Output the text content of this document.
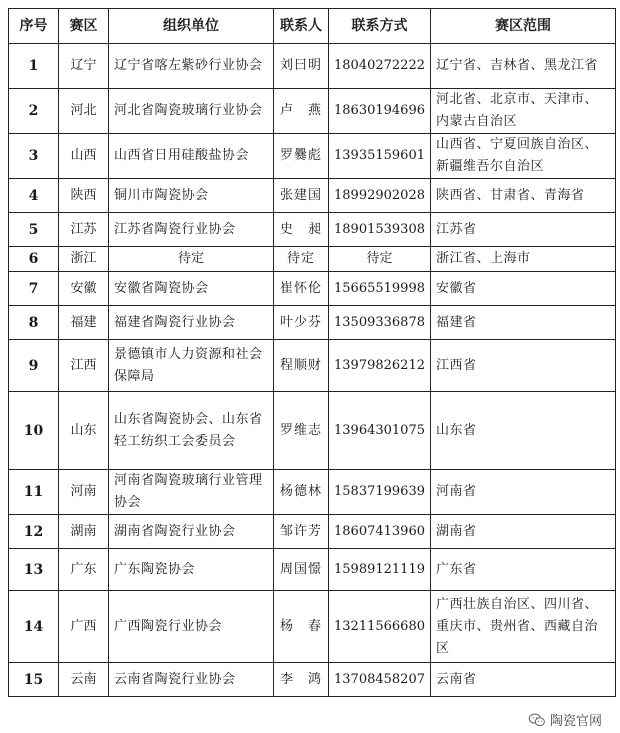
序号	赛区	组织单位	联系人	联系方式	赛区范围
1	辽宁	辽宁省喀左紫砂行业协会	刘曰明	18040272222	辽宁省、吉林省、黑龙江省
2	河北	河北省陶瓷玻璃行业协会	卢　燕	18630194696	河北省、北京市、天津市、内蒙古自治区
3	山西	山西省日用硅酸盐协会	罗爨彪	13935159601	山西省、宁夏回族自治区、新疆维吾尔自治区
4	陕西	铜川市陶瓷协会	张建国	18992902028	陕西省、甘肃省、青海省
5	江苏	江苏省陶瓷行业协会	史　昶	18901539308	江苏省
6	浙江	待定	待定	待定	浙江省、上海市
7	安徽	安徽省陶瓷协会	崔怀伦	15665519998	安徽省
8	福建	福建省陶瓷行业协会	叶少芬	13509336878	福建省
9	江西	景德镇市人力资源和社会保障局	程顺财	13979826212	江西省
10	山东	山东省陶瓷协会、山东省轻工纺织工会委员会	罗维志	13964301075	山东省
11	河南	河南省陶瓷玻璃行业管理协会	杨德林	15837199639	河南省
12	湖南	湖南省陶瓷行业协会	邹许芳	18607413960	湖南省
13	广东	广东陶瓷协会	周国憬	15989121119	广东省
14	广西	广西陶瓷行业协会	杨　春	13211566680	广西壮族自治区、四川省、重庆市、贵州省、西藏自治区
15	云南	云南省陶瓷行业协会	李　鸿	13708458207	云南省
陶瓷官网
